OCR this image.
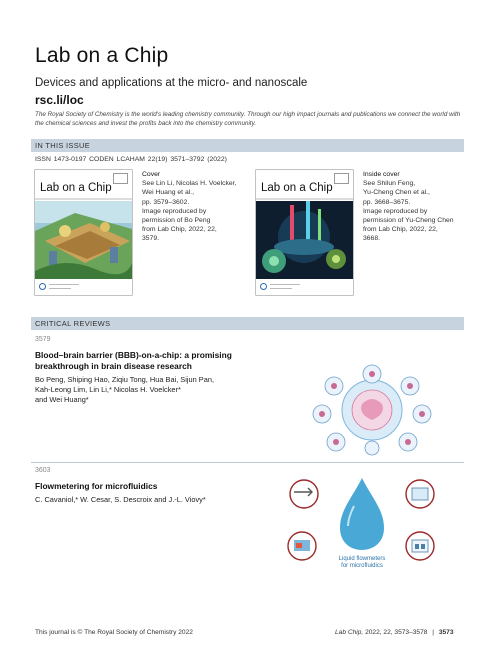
Lab on a Chip
Devices and applications at the micro- and nanoscale
rsc.li/loc
The Royal Society of Chemistry is the world's leading chemistry community. Through our high impact journals and publications we connect the world with the chemical sciences and invest the profits back into the chemistry community.
IN THIS ISSUE
ISSN 1473-0197 CODEN LCAHAM 22(19) 3571–3792 (2022)
Lab on a Chip
Cover
See Lin Li, Nicolas H. Voelcker,
Wei Huang et al.,
pp. 3579–3602.
Image reproduced by
permission of Bo Peng
from Lab Chip, 2022, 22,
3579.
Lab on a Chip
Inside cover
See Shilun Feng,
Yu-Cheng Chen et al.,
pp. 3668–3675.
Image reproduced by
permission of Yu-Cheng Chen
from Lab Chip, 2022, 22,
3668.
CRITICAL REVIEWS
3579
Blood–brain barrier (BBB)-on-a-chip: a promising
breakthrough in brain disease research
Bo Peng, Shiping Hao, Ziqiu Tong, Hua Bai, Sijun Pan,
Kah-Leong Lim, Lin Li,* Nicolas H. Voelcker*
and Wei Huang*
3603
Flowmetering for microfluidics
C. Cavaniol,* W. Cesar, S. Descroix and J.-L. Viovy*
Liquid flowmeters
for microfluidics
This journal is © The Royal Society of Chemistry 2022	Lab Chip, 2022, 22, 3573–3578 | 3573
